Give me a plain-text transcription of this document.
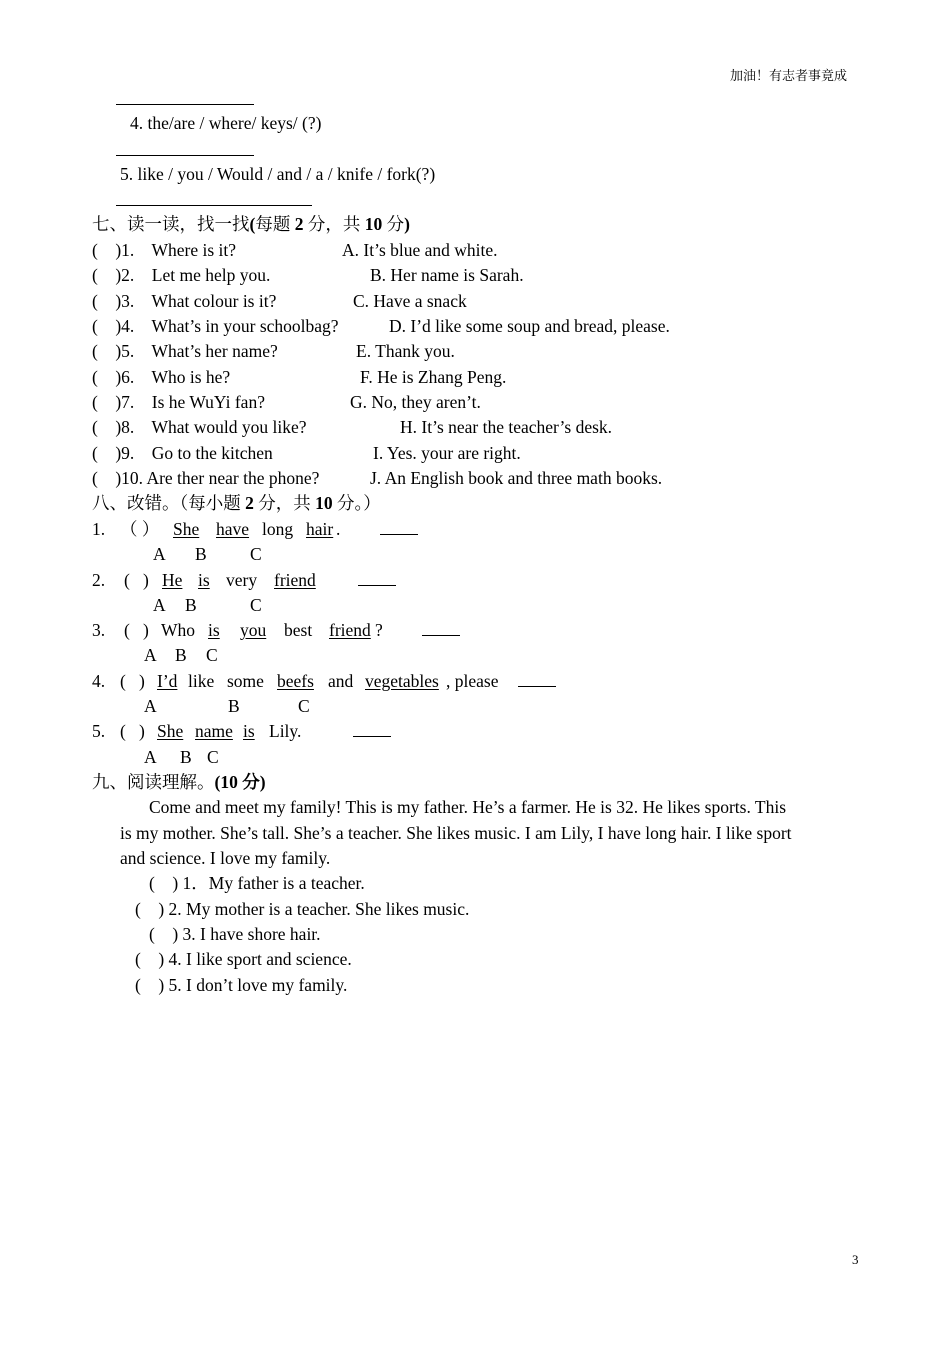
加油！有志者事竟成
4. the/are / where/ keys/ (?)
5. like / you / Would / and / a / knife / fork(?)
七、读一读，找一找(每题 2 分，共 10 分)
(    )1.    Where is it?	A. It’s blue and white.
(    )2.    Let me help you.	B. Her name is Sarah.
(    )3.    What colour is it?	C. Have a snack
(    )4.    What’s in your schoolbag?	D. I’d like some soup and bread, please.
(    )5.    What’s her name?	E. Thank you.
(    )6.    Who is he?	F. He is Zhang Peng.
(    )7.    Is he WuYi fan?	G. No, they aren’t.
(    )8.    What would you like?	H. It’s near the teacher’s desk.
(    )9.    Go to the kitchen	I. Yes. your are right.
(    )10. Are ther near the phone?	J. An English book and three math books.
八、改错。（每小题 2 分，共 10 分。）
1. （ ） She have long hair .
A B C
2. (   ) He is very friend
A B	C
3. (   ) Who is you best friend ?
A B C
4. (   ) I’d like some beefs and vegetables , please
A	B	C
5. (   ) She name is Lily.
A B C
九、阅读理解。(10 分)
Come and meet my family! This is my father. He’s a farmer. He is 32. He likes sports. This
is my mother. She’s tall. She’s a teacher. She likes music. I am Lily, I have long hair. I like sport
and science. I love my family.
(    ) 1．My father is a teacher.
(    ) 2. My mother is a teacher. She likes music.
(    ) 3. I have shore hair.
(    ) 4. I like sport and science.
(    ) 5. I don’t love my family.
3
